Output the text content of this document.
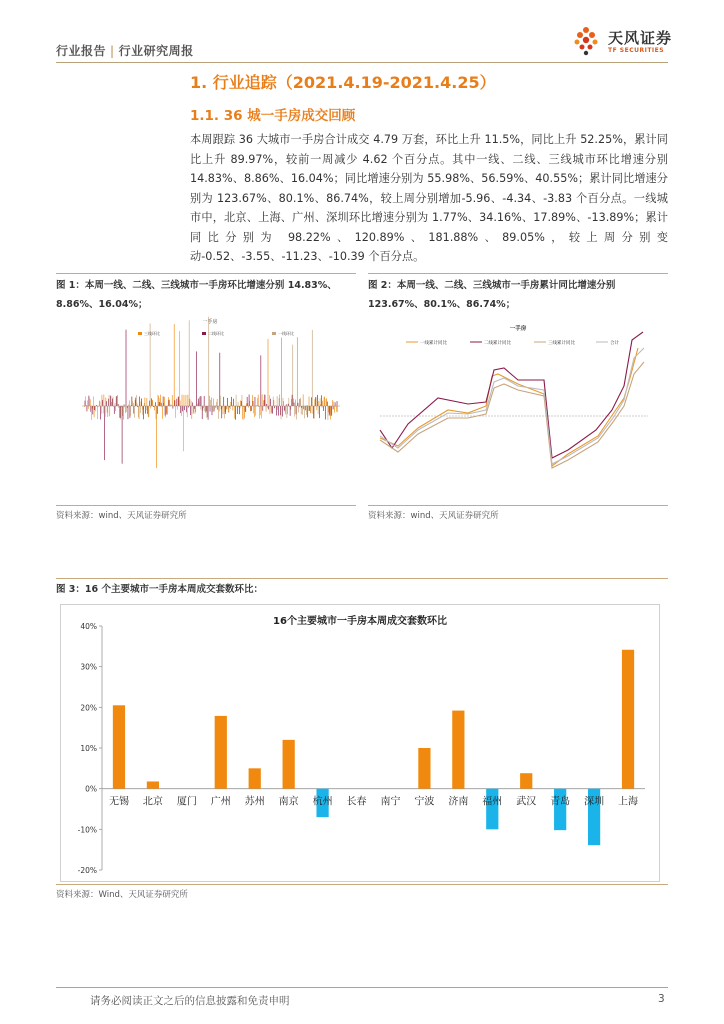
行业报告 | 行业研究周报
天风证券
TF SECURITIES
1. 行业追踪（2021.4.19-2021.4.25）
1.1. 36 城一手房成交回顾
本周跟踪 36 大城市一手房合计成交 4.79 万套，环比上升 11.5%，同比上升 52.25%，累计同比上升 89.97%，较前一周减少 4.62 个百分点。其中一线、二线、三线城市环比增速分别 14.83%、8.86%、16.04%；同比增速分别为 55.98%、56.59%、40.55%；累计同比增速分别为 123.67%、80.1%、86.74%，较上周分别增加-5.96、-4.34、-3.83 个百分点。一线城市中，北京、上海、广州、深圳环比增速分别为 1.77%、34.16%、17.89%、-13.89%；累计同比分别为 98.22%、120.89%、181.88%、89.05%，较上周分别变动-0.52、-3.55、-11.23、-10.39 个百分点。
图 1：本周一线、二线、三线城市一手房环比增速分别 14.83%、8.86%、16.04%；
一手房
三线环比	二线环比	一线环比
资料来源：wind、天风证券研究所
图 2：本周一线、二线、三线城市一手房累计同比增速分别 123.67%、80.1%、86.74%；
一手房
一线累计同比	二线累计同比	三线累计同比	合计
资料来源：wind、天风证券研究所
图 3：16 个主要城市一手房本周成交套数环比：
16个主要城市一手房本周成交套数环比
-20%
-10%
0%
10%
20%
30%
40%
无锡 北京 厦门 广州 苏州 南京 杭州 长春 南宁 宁波 济南 福州 武汉 青岛 深圳 上海
资料来源：Wind、天风证券研究所
请务必阅读正文之后的信息披露和免责申明	3
